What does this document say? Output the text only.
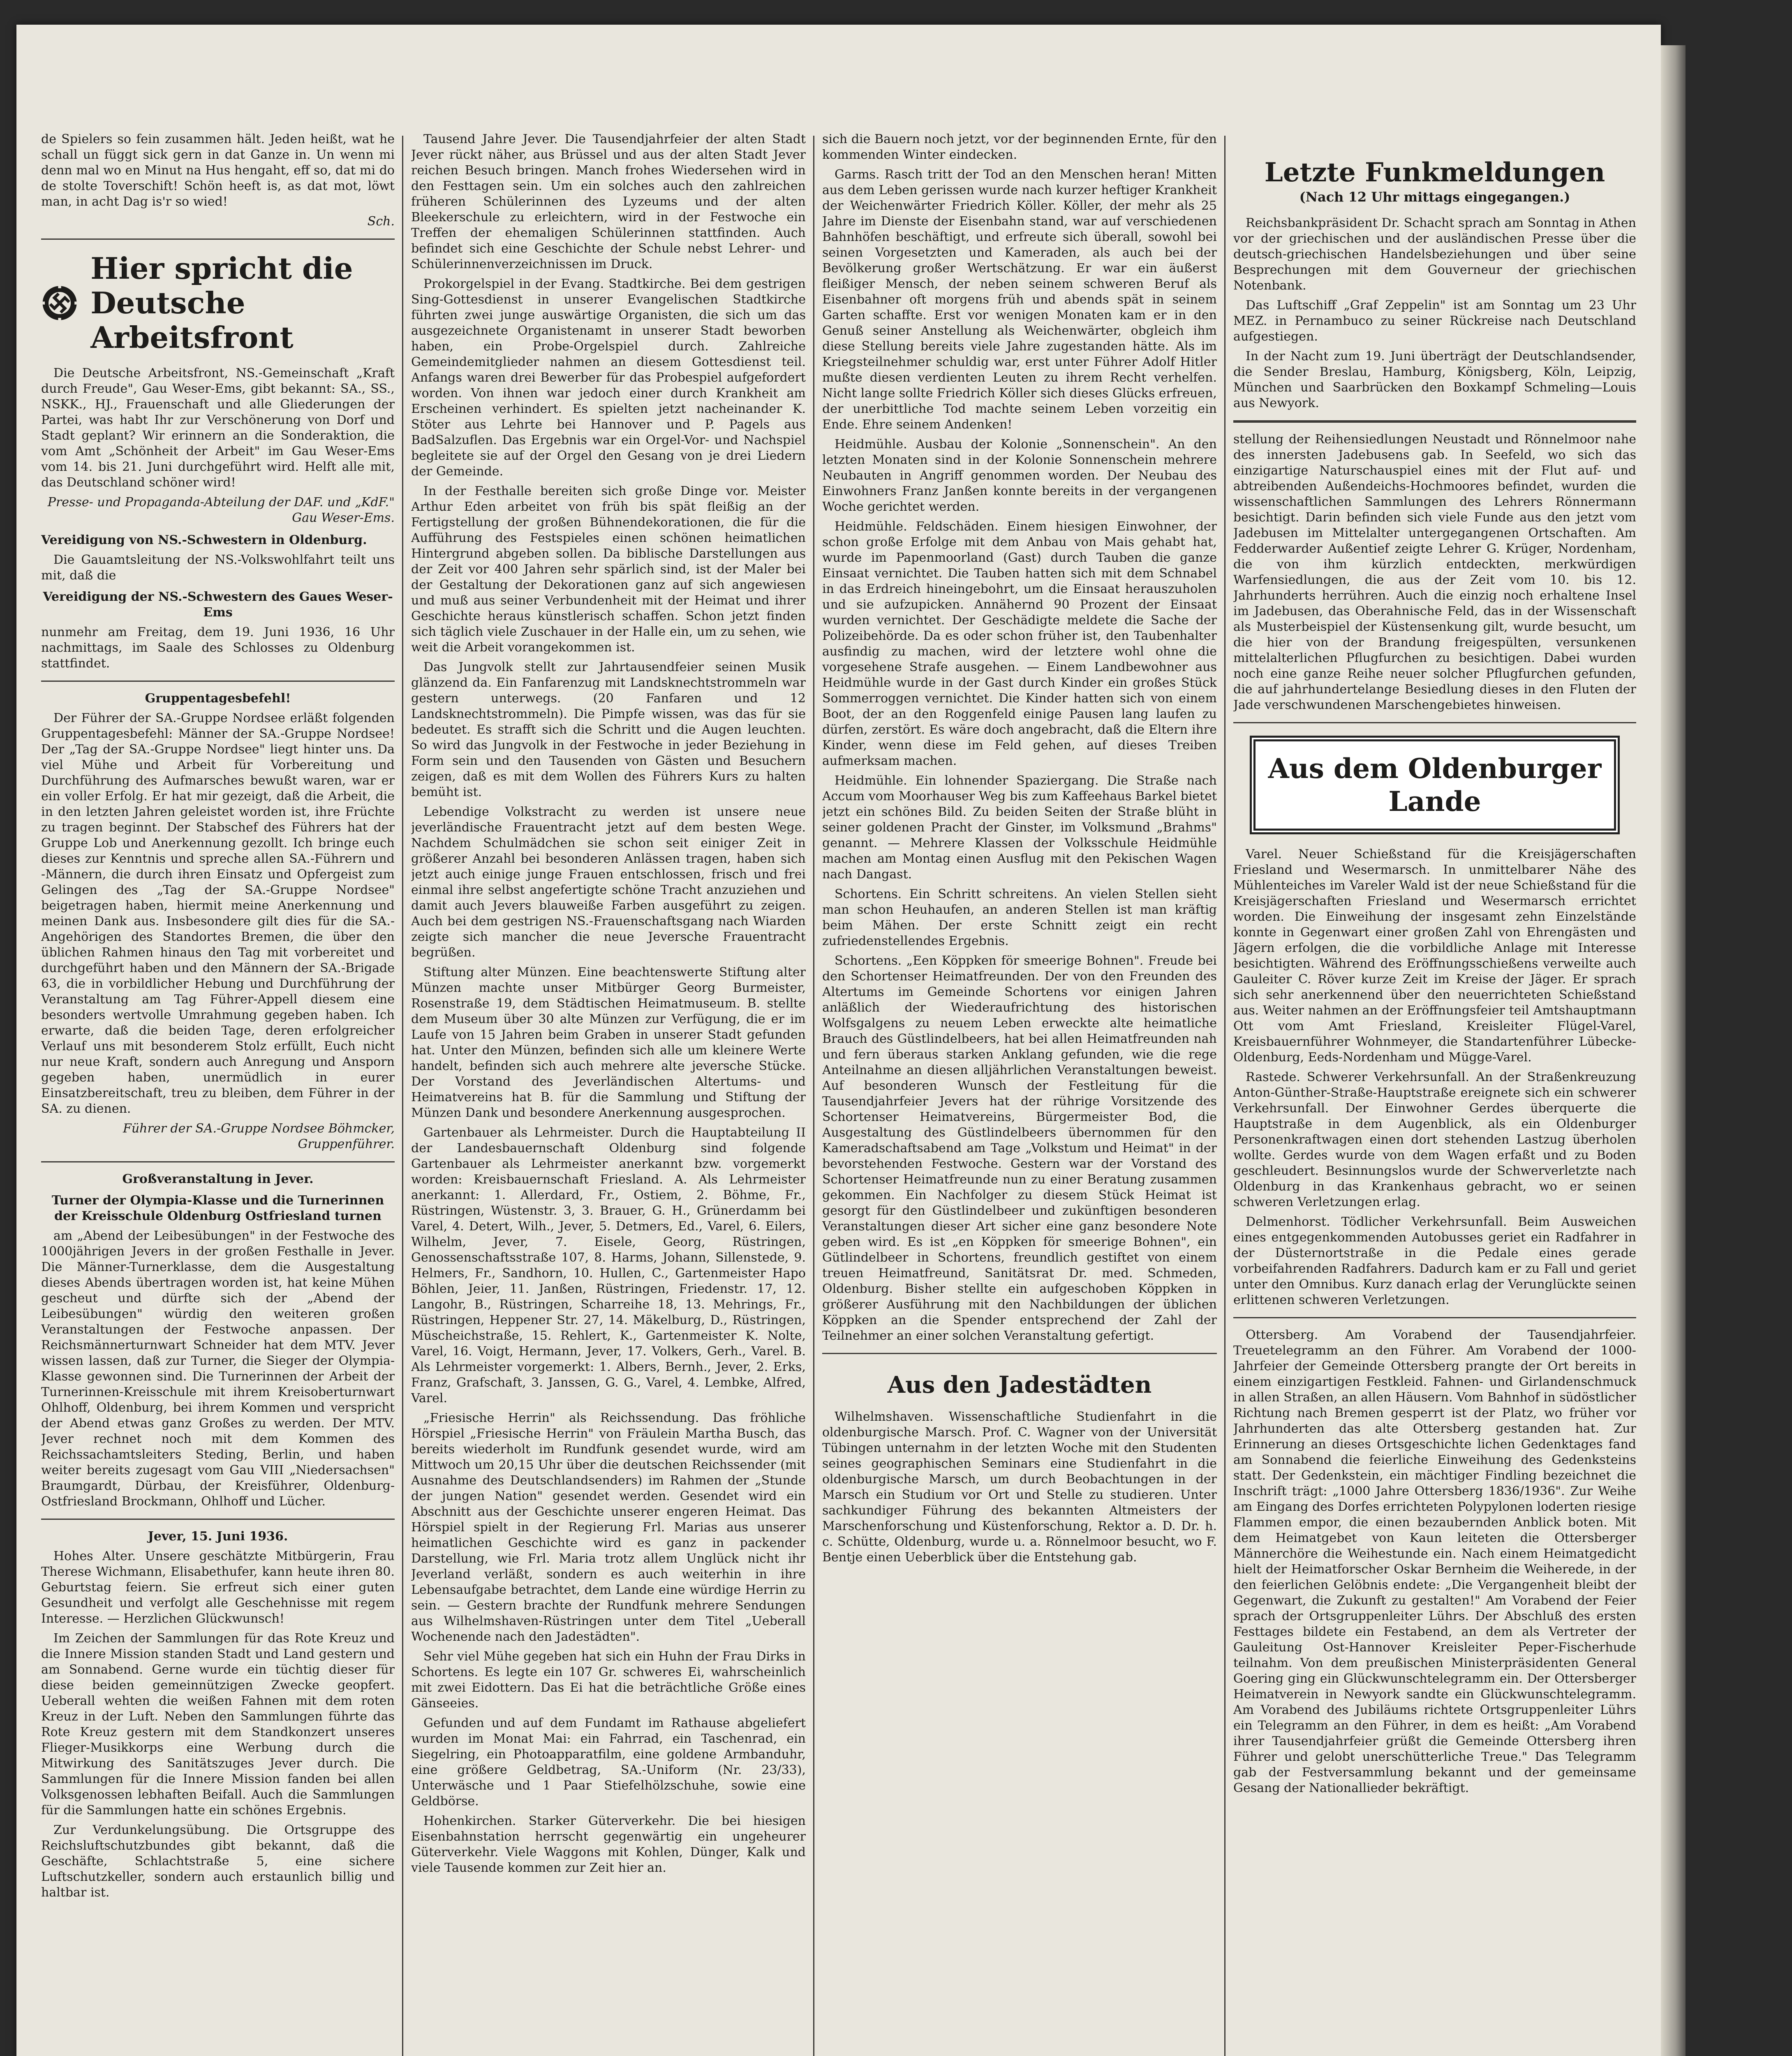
de Spielers so fein zusammen hält. Jeden heißt, wat he schall un függt sick gern in dat Ganze in. Un wenn mi denn mal wo en Minut na Hus hengaht, eff so, dat mi do de stolte Toverschift! Schön heeft is, as dat mot, löwt man, in acht Dag is'r so wied!

Sch.
Hier spricht die Deutsche Arbeitsfront

Die Deutsche Arbeitsfront, NS.-Gemeinschaft „Kraft durch Freude", Gau Weser-Ems, gibt bekannt: SA., SS., NSKK., HJ., Frauenschaft und alle Gliederungen der Partei, was habt Ihr zur Verschönerung von Dorf und Stadt geplant? Wir erinnern an die Sonderaktion, die vom Amt „Schönheit der Arbeit" im Gau Weser-Ems vom 14. bis 21. Juni durchgeführt wird. Helft alle mit, das Deutschland schöner wird!

Presse- und Propaganda-Abteilung der DAF. und „KdF." Gau Weser-Ems.

Vereidigung von NS.-Schwestern in Oldenburg.

Die Gauamtsleitung der NS.-Volkswohlfahrt teilt uns mit, daß die

Vereidigung der NS.-Schwestern des Gaues Weser-Ems

nunmehr am Freitag, dem 19. Juni 1936, 16 Uhr nachmittags, im Saale des Schlosses zu Oldenburg stattfindet.

Gruppentagesbefehl!

Der Führer der SA.-Gruppe Nordsee erläßt folgenden Gruppentagesbefehl: Männer der SA.-Gruppe Nordsee! Der „Tag der SA.-Gruppe Nordsee" liegt hinter uns. Da viel Mühe und Arbeit für Vorbereitung und Durchführung des Aufmarsches bewußt waren, war er ein voller Erfolg. Er hat mir gezeigt, daß die Arbeit, die in den letzten Jahren geleistet worden ist, ihre Früchte zu tragen beginnt. Der Stabschef des Führers hat der Gruppe Lob und Anerkennung gezollt. Ich bringe euch dieses zur Kenntnis und spreche allen SA.-Führern und -Männern, die durch ihren Einsatz und Opfergeist zum Gelingen des „Tag der SA.-Gruppe Nordsee" beigetragen haben, hiermit meine Anerkennung und meinen Dank aus. Insbesondere gilt dies für die SA.-Angehörigen des Standortes Bremen, die über den üblichen Rahmen hinaus den Tag mit vorbereitet und durchgeführt haben und den Männern der SA.-Brigade 63, die in vorbildlicher Hebung und Durchführung der Veranstaltung am Tag Führer-Appell diesem eine besonders wertvolle Umrahmung gegeben haben. Ich erwarte, daß die beiden Tage, deren erfolgreicher Verlauf uns mit besonderem Stolz erfüllt, Euch nicht nur neue Kraft, sondern auch Anregung und Ansporn gegeben haben, unermüdlich in eurer Einsatzbereitschaft, treu zu bleiben, dem Führer in der SA. zu dienen.

Führer der SA.-Gruppe Nordsee Böhmcker, Gruppenführer.
Großveranstaltung in Jever.
Turner der Olympia-Klasse und die Turnerinnen der Kreisschule Oldenburg Ostfriesland turnen

am „Abend der Leibesübungen" in der Festwoche des 1000jährigen Jevers in der großen Festhalle in Jever. Die Männer-Turnerklasse, dem die Ausgestaltung dieses Abends übertragen worden ist, hat keine Mühen gescheut und dürfte sich der „Abend der Leibesübungen" würdig den weiteren großen Veranstaltungen der Festwoche anpassen. Der Reichsmännerturnwart Schneider hat dem MTV. Jever wissen lassen, daß zur Turner, die Sieger der Olympia-Klasse gewonnen sind. Die Turnerinnen der Arbeit der Turnerinnen-Kreisschule mit ihrem Kreisoberturnwart Ohlhoff, Oldenburg, bei ihrem Kommen und verspricht der Abend etwas ganz Großes zu werden. Der MTV. Jever rechnet noch mit dem Kommen des Reichssachamtsleiters Steding, Berlin, und haben weiter bereits zugesagt vom Gau VIII „Niedersachsen" Braumgardt, Dürbau, der Kreisführer, Oldenburg-Ostfriesland Brockmann, Ohlhoff und Lücher.

Jever, 15. Juni 1936.

Hohes Alter. Unsere geschätzte Mitbürgerin, Frau Therese Wichmann, Elisabethufer, kann heute ihren 80. Geburtstag feiern. Sie erfreut sich einer guten Gesundheit und verfolgt alle Geschehnisse mit regem Interesse. — Herzlichen Glückwunsch!

Im Zeichen der Sammlungen für das Rote Kreuz und die Innere Mission standen Stadt und Land gestern und am Sonnabend. Gerne wurde ein tüchtig dieser für diese beiden gemeinnützigen Zwecke geopfert. Ueberall wehten die weißen Fahnen mit dem roten Kreuz in der Luft. Neben den Sammlungen führte das Rote Kreuz gestern mit dem Standkonzert unseres Flieger-Musikkorps eine Werbung durch die Mitwirkung des Sanitätszuges Jever durch. Die Sammlungen für die Innere Mission fanden bei allen Volksgenossen lebhaften Beifall. Auch die Sammlungen für die Sammlungen hatte ein schönes Ergebnis.

Zur Verdunkelungsübung. Die Ortsgruppe des Reichsluftschutzbundes gibt bekannt, daß die Geschäfte, Schlachtstraße 5, eine sichere Luftschutzkeller, sondern auch erstaunlich billig und haltbar ist.

Tausend Jahre Jever. Die Tausendjahrfeier der alten Stadt Jever rückt näher, aus Brüssel und aus der alten Stadt Jever reichen Besuch bringen. Manch frohes Wiedersehen wird in den Festtagen sein. Um ein solches auch den zahlreichen früheren Schülerinnen des Lyzeums und der alten Bleekerschule zu erleichtern, wird in der Festwoche ein Treffen der ehemaligen Schülerinnen stattfinden. Auch befindet sich eine Geschichte der Schule nebst Lehrer- und Schülerinnenverzeichnissen im Druck.

Prokorgelspiel in der Evang. Stadtkirche. Bei dem gestrigen Sing-Gottesdienst in unserer Evangelischen Stadtkirche führten zwei junge auswärtige Organisten, die sich um das ausgezeichnete Organistenamt in unserer Stadt beworben haben, ein Probe-Orgelspiel durch. Zahlreiche Gemeindemitglieder nahmen an diesem Gottesdienst teil. Anfangs waren drei Bewerber für das Probespiel aufgefordert worden. Von ihnen war jedoch einer durch Krankheit am Erscheinen verhindert. Es spielten jetzt nacheinander K. Stöter aus Lehrte bei Hannover und P. Pagels aus BadSalzuflen. Das Ergebnis war ein Orgel-Vor- und Nachspiel begleitete sie auf der Orgel den Gesang von je drei Liedern der Gemeinde.

In der Festhalle bereiten sich große Dinge vor. Meister Arthur Eden arbeitet von früh bis spät fleißig an der Fertigstellung der großen Bühnendekorationen, die für die Aufführung des Festspieles einen schönen heimatlichen Hintergrund abgeben sollen. Da biblische Darstellungen aus der Zeit vor 400 Jahren sehr spärlich sind, ist der Maler bei der Gestaltung der Dekorationen ganz auf sich angewiesen und muß aus seiner Verbundenheit mit der Heimat und ihrer Geschichte heraus künstlerisch schaffen. Schon jetzt finden sich täglich viele Zuschauer in der Halle ein, um zu sehen, wie weit die Arbeit vorangekommen ist.

Das Jungvolk stellt zur Jahrtausendfeier seinen Musik glänzend da. Ein Fanfarenzug mit Landsknechtstrommeln war gestern unterwegs. (20 Fanfaren und 12 Landsknechtstrommeln). Die Pimpfe wissen, was das für sie bedeutet. Es strafft sich die Schritt und die Augen leuchten. So wird das Jungvolk in der Festwoche in jeder Beziehung in Form sein und den Tausenden von Gästen und Besuchern zeigen, daß es mit dem Wollen des Führers Kurs zu halten bemüht ist.

Lebendige Volkstracht zu werden ist unsere neue jeverländische Frauentracht jetzt auf dem besten Wege. Nachdem Schulmädchen sie schon seit einiger Zeit in größerer Anzahl bei besonderen Anlässen tragen, haben sich jetzt auch einige junge Frauen entschlossen, frisch und frei einmal ihre selbst angefertigte schöne Tracht anzuziehen und damit auch Jevers blauweiße Farben ausgeführt zu zeigen. Auch bei dem gestrigen NS.-Frauenschaftsgang nach Wiarden zeigte sich mancher die neue Jeversche Frauentracht begrüßen.

Stiftung alter Münzen. Eine beachtenswerte Stiftung alter Münzen machte unser Mitbürger Georg Burmeister, Rosenstraße 19, dem Städtischen Heimatmuseum. B. stellte dem Museum über 30 alte Münzen zur Verfügung, die er im Laufe von 15 Jahren beim Graben in unserer Stadt gefunden hat. Unter den Münzen, befinden sich alle um kleinere Werte handelt, befinden sich auch mehrere alte jeversche Stücke. Der Vorstand des Jeverländischen Altertums- und Heimatvereins hat B. für die Sammlung und Stiftung der Münzen Dank und besondere Anerkennung ausgesprochen.

Gartenbauer als Lehrmeister. Durch die Hauptabteilung II der Landesbauernschaft Oldenburg sind folgende Gartenbauer als Lehrmeister anerkannt bzw. vorgemerkt worden: Kreisbauernschaft Friesland. A. Als Lehrmeister anerkannt: 1. Allerdard, Fr., Ostiem, 2. Böhme, Fr., Rüstringen, Wüstenstr. 3, 3. Brauer, G. H., Grünerdamm bei Varel, 4. Detert, Wilh., Jever, 5. Detmers, Ed., Varel, 6. Eilers, Wilhelm, Jever, 7. Eisele, Georg, Rüstringen, Genossenschaftsstraße 107, 8. Harms, Johann, Sillenstede, 9. Helmers, Fr., Sandhorn, 10. Hullen, C., Gartenmeister Hapo Böhlen, Jeier, 11. Janßen, Rüstringen, Friedenstr. 17, 12. Langohr, B., Rüstringen, Scharreihe 18, 13. Mehrings, Fr., Rüstringen, Heppener Str. 27, 14. Mäkelburg, D., Rüstringen, Müscheichstraße, 15. Rehlert, K., Gartenmeister K. Nolte, Varel, 16. Voigt, Hermann, Jever, 17. Volkers, Gerh., Varel. B. Als Lehrmeister vorgemerkt: 1. Albers, Bernh., Jever, 2. Erks, Franz, Grafschaft, 3. Janssen, G. G., Varel, 4. Lembke, Alfred, Varel.

„Friesische Herrin" als Reichssendung. Das fröhliche Hörspiel „Friesische Herrin" von Fräulein Martha Busch, das bereits wiederholt im Rundfunk gesendet wurde, wird am Mittwoch um 20,15 Uhr über die deutschen Reichssender (mit Ausnahme des Deutschlandsenders) im Rahmen der „Stunde der jungen Nation" gesendet werden. Gesendet wird ein Abschnitt aus der Geschichte unserer engeren Heimat. Das Hörspiel spielt in der Regierung Frl. Marias aus unserer heimatlichen Geschichte wird es ganz in packender Darstellung, wie Frl. Maria trotz allem Unglück nicht ihr Jeverland verläßt, sondern es auch weiterhin in ihre Lebensaufgabe betrachtet, dem Lande eine würdige Herrin zu sein. — Gestern brachte der Rundfunk mehrere Sendungen aus Wilhelmshaven-Rüstringen unter dem Titel „Ueberall Wochenende nach den Jadestädten".

Sehr viel Mühe gegeben hat sich ein Huhn der Frau Dirks in Schortens. Es legte ein 107 Gr. schweres Ei, wahrscheinlich mit zwei Eidottern. Das Ei hat die beträchtliche Größe eines Gänseeies.

Gefunden und auf dem Fundamt im Rathause abgeliefert wurden im Monat Mai: ein Fahrrad, ein Taschenrad, ein Siegelring, ein Photoapparatfilm, eine goldene Armbanduhr, eine größere Geldbetrag, SA.-Uniform (Nr. 23/33), Unterwäsche und 1 Paar Stiefelhölzschuhe, sowie eine Geldbörse.

Hohenkirchen. Starker Güterverkehr. Die bei hiesigen Eisenbahnstation herrscht gegenwärtig ein ungeheurer Güterverkehr. Viele Waggons mit Kohlen, Dünger, Kalk und viele Tausende kommen zur Zeit hier an.

sich die Bauern noch jetzt, vor der beginnenden Ernte, für den kommenden Winter eindecken.

Garms. Rasch tritt der Tod an den Menschen heran! Mitten aus dem Leben gerissen wurde nach kurzer heftiger Krankheit der Weichenwärter Friedrich Köller. Köller, der mehr als 25 Jahre im Dienste der Eisenbahn stand, war auf verschiedenen Bahnhöfen beschäftigt, und erfreute sich überall, sowohl bei seinen Vorgesetzten und Kameraden, als auch bei der Bevölkerung großer Wertschätzung. Er war ein äußerst fleißiger Mensch, der neben seinem schweren Beruf als Eisenbahner oft morgens früh und abends spät in seinem Garten schaffte. Erst vor wenigen Monaten kam er in den Genuß seiner Anstellung als Weichenwärter, obgleich ihm diese Stellung bereits viele Jahre zugestanden hätte. Als im Kriegsteilnehmer schuldig war, erst unter Führer Adolf Hitler mußte diesen verdienten Leuten zu ihrem Recht verhelfen. Nicht lange sollte Friedrich Köller sich dieses Glücks erfreuen, der unerbittliche Tod machte seinem Leben vorzeitig ein Ende. Ehre seinem Andenken!

Heidmühle. Ausbau der Kolonie „Sonnenschein". An den letzten Monaten sind in der Kolonie Sonnenschein mehrere Neubauten in Angriff genommen worden. Der Neubau des Einwohners Franz Janßen konnte bereits in der vergangenen Woche gerichtet werden.

Heidmühle. Feldschäden. Einem hiesigen Einwohner, der schon große Erfolge mit dem Anbau von Mais gehabt hat, wurde im Papenmoorland (Gast) durch Tauben die ganze Einsaat vernichtet. Die Tauben hatten sich mit dem Schnabel in das Erdreich hineingebohrt, um die Einsaat herauszuholen und sie aufzupicken. Annähernd 90 Prozent der Einsaat wurden vernichtet. Der Geschädigte meldete die Sache der Polizeibehörde. Da es oder schon früher ist, den Taubenhalter ausfindig zu machen, wird der letztere wohl ohne die vorgesehene Strafe ausgehen. — Einem Landbewohner aus Heidmühle wurde in der Gast durch Kinder ein großes Stück Sommerroggen vernichtet. Die Kinder hatten sich von einem Boot, der an den Roggenfeld einige Pausen lang laufen zu dürfen, zerstört. Es wäre doch angebracht, daß die Eltern ihre Kinder, wenn diese im Feld gehen, auf dieses Treiben aufmerksam machen.

Heidmühle. Ein lohnender Spaziergang. Die Straße nach Accum vom Moorhauser Weg bis zum Kaffeehaus Barkel bietet jetzt ein schönes Bild. Zu beiden Seiten der Straße blüht in seiner goldenen Pracht der Ginster, im Volksmund „Brahms" genannt. — Mehrere Klassen der Volksschule Heidmühle machen am Montag einen Ausflug mit den Pekischen Wagen nach Dangast.

Schortens. Ein Schritt schreitens. An vielen Stellen sieht man schon Heuhaufen, an anderen Stellen ist man kräftig beim Mähen. Der erste Schnitt zeigt ein recht zufriedenstellendes Ergebnis.

Schortens. „Een Köppken för smeerige Bohnen". Freude bei den Schortenser Heimatfreunden. Der von den Freunden des Altertums im Gemeinde Schortens vor einigen Jahren anläßlich der Wiederaufrichtung des historischen Wolfsgalgens zu neuem Leben erweckte alte heimatliche Brauch des Güstlindelbeers, hat bei allen Heimatfreunden nah und fern überaus starken Anklang gefunden, wie die rege Anteilnahme an diesen alljährlichen Veranstaltungen beweist. Auf besonderen Wunsch der Festleitung für die Tausendjahrfeier Jevers hat der rührige Vorsitzende des Schortenser Heimatvereins, Bürgermeister Bod, die Ausgestaltung des Güstlindelbeers übernommen für den Kameradschaftsabend am Tage „Volkstum und Heimat" in der bevorstehenden Festwoche. Gestern war der Vorstand des Schortenser Heimatfreunde nun zu einer Beratung zusammen gekommen. Ein Nachfolger zu diesem Stück Heimat ist gesorgt für den Güstlindelbeer und zukünftigen besonderen Veranstaltungen dieser Art sicher eine ganz besondere Note geben wird. Es ist „en Köppken för smeerige Bohnen", ein Gütlindelbeer in Schortens, freundlich gestiftet von einem treuen Heimatfreund, Sanitätsrat Dr. med. Schmeden, Oldenburg. Bisher stellte ein aufgeschoben Köppken in größerer Ausführung mit den Nachbildungen der üblichen Köppken an die Spender entsprechend der Zahl der Teilnehmer an einer solchen Veranstaltung gefertigt.

Aus den Jadestädten

Wilhelmshaven. Wissenschaftliche Studienfahrt in die oldenburgische Marsch. Prof. C. Wagner von der Universität Tübingen unternahm in der letzten Woche mit den Studenten seines geographischen Seminars eine Studienfahrt in die oldenburgische Marsch, um durch Beobachtungen in der Marsch ein Studium vor Ort und Stelle zu studieren. Unter sachkundiger Führung des bekannten Altmeisters der Marschenforschung und Küstenforschung, Rektor a. D. Dr. h. c. Schütte, Oldenburg, wurde u. a. Rönnelmoor besucht, wo F. Bentje einen Ueberblick über die Entstehung gab.

Letzte Funkmeldungen
(Nach 12 Uhr mittags eingegangen.)

Reichsbankpräsident Dr. Schacht sprach am Sonntag in Athen vor der griechischen und der ausländischen Presse über die deutsch-griechischen Handelsbeziehungen und über seine Besprechungen mit dem Gouverneur der griechischen Notenbank.

Das Luftschiff „Graf Zeppelin" ist am Sonntag um 23 Uhr MEZ. in Pernambuco zu seiner Rückreise nach Deutschland aufgestiegen.

In der Nacht zum 19. Juni überträgt der Deutschlandsender, die Sender Breslau, Hamburg, Königsberg, Köln, Leipzig, München und Saarbrücken den Boxkampf Schmeling—Louis aus Newyork.

stellung der Reihensiedlungen Neustadt und Rönnelmoor nahe des innersten Jadebusens gab. In Seefeld, wo sich das einzigartige Naturschauspiel eines mit der Flut auf- und abtreibenden Außendeichs-Hochmoores befindet, wurden die wissenschaftlichen Sammlungen des Lehrers Rönnermann besichtigt. Darin befinden sich viele Funde aus den jetzt vom Jadebusen im Mittelalter untergegangenen Ortschaften. Am Fedderwarder Außentief zeigte Lehrer G. Krüger, Nordenham, die von ihm kürzlich entdeckten, merkwürdigen Warfensiedlungen, die aus der Zeit vom 10. bis 12. Jahrhunderts herrühren. Auch die einzig noch erhaltene Insel im Jadebusen, das Oberahnische Feld, das in der Wissenschaft als Musterbeispiel der Küstensenkung gilt, wurde besucht, um die hier von der Brandung freigespülten, versunkenen mittelalterlichen Pflugfurchen zu besichtigen. Dabei wurden noch eine ganze Reihe neuer solcher Pflugfurchen gefunden, die auf jahrhundertelange Besiedlung dieses in den Fluten der Jade verschwundenen Marschengebietes hinweisen.

Aus dem Oldenburger Lande

Varel. Neuer Schießstand für die Kreisjägerschaften Friesland und Wesermarsch. In unmittelbarer Nähe des Mühlenteiches im Vareler Wald ist der neue Schießstand für die Kreisjägerschaften Friesland und Wesermarsch errichtet worden. Die Einweihung der insgesamt zehn Einzelstände konnte in Gegenwart einer großen Zahl von Ehrengästen und Jägern erfolgen, die die vorbildliche Anlage mit Interesse besichtigten. Während des Eröffnungsschießens verweilte auch Gauleiter C. Röver kurze Zeit im Kreise der Jäger. Er sprach sich sehr anerkennend über den neuerrichteten Schießstand aus. Weiter nahmen an der Eröffnungsfeier teil Amtshauptmann Ott vom Amt Friesland, Kreisleiter Flügel-Varel, Kreisbauernführer Wohnmeyer, die Standartenführer Lübecke-Oldenburg, Eeds-Nordenham und Mügge-Varel.

Rastede. Schwerer Verkehrsunfall. An der Straßenkreuzung Anton-Günther-Straße-Hauptstraße ereignete sich ein schwerer Verkehrsunfall. Der Einwohner Gerdes überquerte die Hauptstraße in dem Augenblick, als ein Oldenburger Personenkraftwagen einen dort stehenden Lastzug überholen wollte. Gerdes wurde von dem Wagen erfaßt und zu Boden geschleudert. Besinnungslos wurde der Schwerverletzte nach Oldenburg in das Krankenhaus gebracht, wo er seinen schweren Verletzungen erlag.

Delmenhorst. Tödlicher Verkehrsunfall. Beim Ausweichen eines entgegenkommenden Autobusses geriet ein Radfahrer in der Düsternortstraße in die Pedale eines gerade vorbeifahrenden Radfahrers. Dadurch kam er zu Fall und geriet unter den Omnibus. Kurz danach erlag der Verunglückte seinen erlittenen schweren Verletzungen.

Ottersberg. Am Vorabend der Tausendjahrfeier. Treuetelegramm an den Führer. Am Vorabend der 1000-Jahrfeier der Gemeinde Ottersberg prangte der Ort bereits in einem einzigartigen Festkleid. Fahnen- und Girlandenschmuck in allen Straßen, an allen Häusern. Vom Bahnhof in südöstlicher Richtung nach Bremen gesperrt ist der Platz, wo früher vor Jahrhunderten das alte Ottersberg gestanden hat. Zur Erinnerung an dieses Ortsgeschichte lichen Gedenktages fand am Sonnabend die feierliche Einweihung des Gedenksteins statt. Der Gedenkstein, ein mächtiger Findling bezeichnet die Inschrift trägt: „1000 Jahre Ottersberg 1836/1936". Zur Weihe am Eingang des Dorfes errichteten Polypylonen loderten riesige Flammen empor, die einen bezaubernden Anblick boten. Mit dem Heimatgebet von Kaun leiteten die Ottersberger Männerchöre die Weihestunde ein. Nach einem Heimatgedicht hielt der Heimatforscher Oskar Bernheim die Weiherede, in der den feierlichen Gelöbnis endete: „Die Vergangenheit bleibt der Gegenwart, die Zukunft zu gestalten!" Am Vorabend der Feier sprach der Ortsgruppenleiter Lührs. Der Abschluß des ersten Festtages bildete ein Festabend, an dem als Vertreter der Gauleitung Ost-Hannover Kreisleiter Peper-Fischerhude teilnahm. Von dem preußischen Ministerpräsidenten General Goering ging ein Glückwunschtelegramm ein. Der Ottersberger Heimatverein in Newyork sandte ein Glückwunschtelegramm. Am Vorabend des Jubiläums richtete Ortsgruppenleiter Lührs ein Telegramm an den Führer, in dem es heißt: „Am Vorabend ihrer Tausendjahrfeier grüßt die Gemeinde Ottersberg ihren Führer und gelobt unerschütterliche Treue." Das Telegramm gab der Festversammlung bekannt und der gemeinsame Gesang der Nationallieder bekräftigt.
